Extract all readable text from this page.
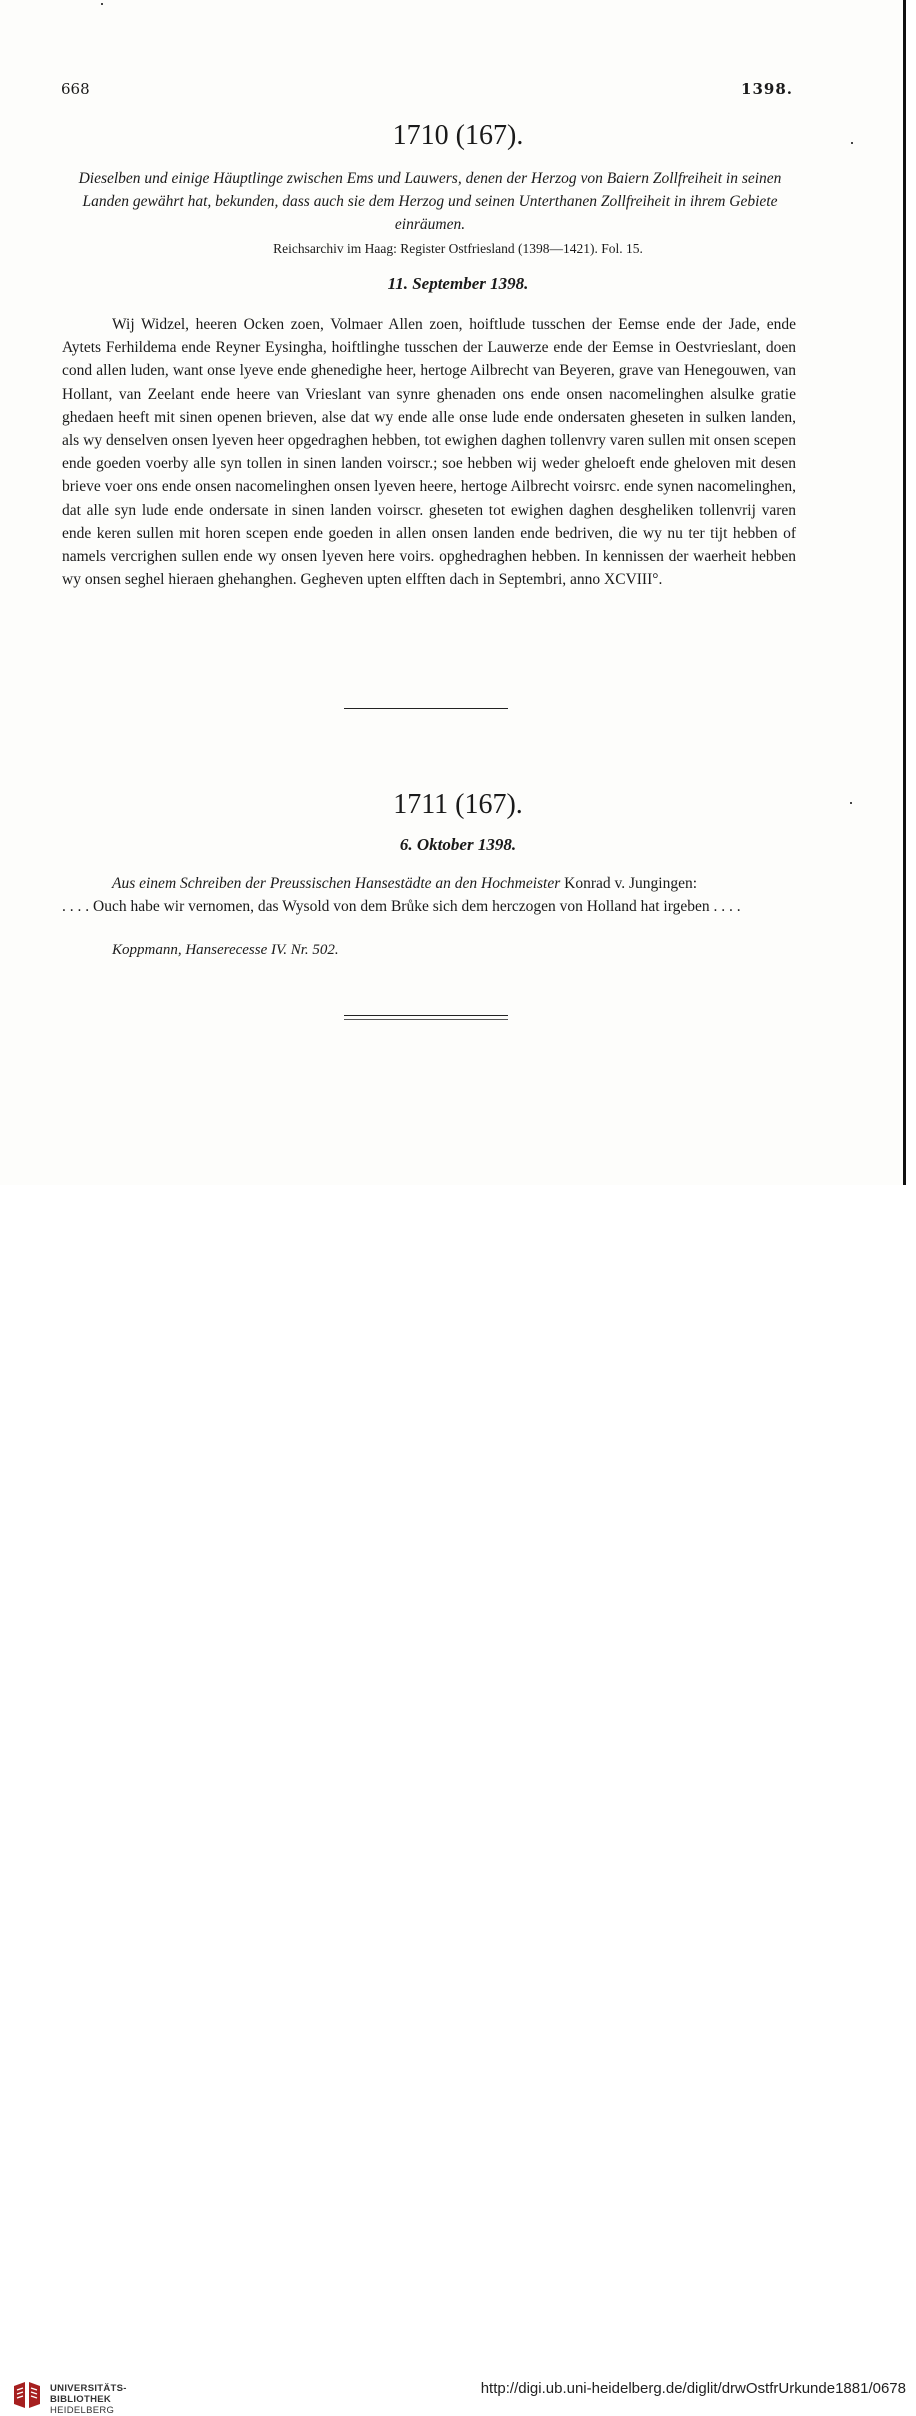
668	1398.
1710 (167).
Dieselben und einige Häuptlinge zwischen Ems und Lauwers, denen der Herzog von Baiern Zollfreiheit in seinen Landen gewährt hat, bekunden, dass auch sie dem Herzog und seinen Unterthanen Zollfreiheit in ihrem Gebiete einräumen.
Reichsarchiv im Haag: Register Ostfriesland (1398—1421). Fol. 15.
11. September 1398.
Wij Widzel, heeren Ocken zoen, Volmaer Allen zoen, hoiftlude tusschen der Eemse ende der Jade, ende Aytets Ferhildema ende Reyner Eysingha, hoiftlinghe tusschen der Lauwerze ende der Eemse in Oestvrieslant, doen cond allen luden, want onse lyeve ende ghenedighe heer, hertoge Ailbrecht van Beyeren, grave van Henegouwen, van Hollant, van Zeelant ende heere van Vrieslant van synre ghenaden ons ende onsen nacomelinghen alsulke gratie ghedaen heeft mit sinen openen brieven, alse dat wy ende alle onse lude ende ondersaten gheseten in sulken landen, als wy denselven onsen lyeven heer opgedraghen hebben, tot ewighen daghen tollenvry varen sullen mit onsen scepen ende goeden voerby alle syn tollen in sinen landen voirscr.; soe hebben wij weder gheloeft ende gheloven mit desen brieve voer ons ende onsen nacomelinghen onsen lyeven heere, hertoge Ailbrecht voirsrc. ende synen nacomelinghen, dat alle syn lude ende ondersate in sinen landen voirscr. gheseten tot ewighen daghen desgheliken tollenvrij varen ende keren sullen mit horen scepen ende goeden in allen onsen landen ende bedriven, die wy nu ter tijt hebben of namels vercrighen sullen ende wy onsen lyeven here voirs. opghedraghen hebben. In kennissen der waerheit hebben wy onsen seghel hieraen ghehanghen. Gegheven upten elfften dach in Septembri, anno XCVIII°.
1711 (167).
6. Oktober 1398.
Aus einem Schreiben der Preussischen Hansestädte an den Hochmeister Konrad v. Jungingen:
. . . . Ouch habe wir vernomen, das Wysold von dem Brůke sich dem herczogen von Holland hat irgeben . . . .
Koppmann, Hanserecesse IV. Nr. 502.
UNIVERSITÄTS-
BIBLIOTHEK
HEIDELBERG
http://digi.ub.uni-heidelberg.de/diglit/drwOstfrUrkunde1881/0678
